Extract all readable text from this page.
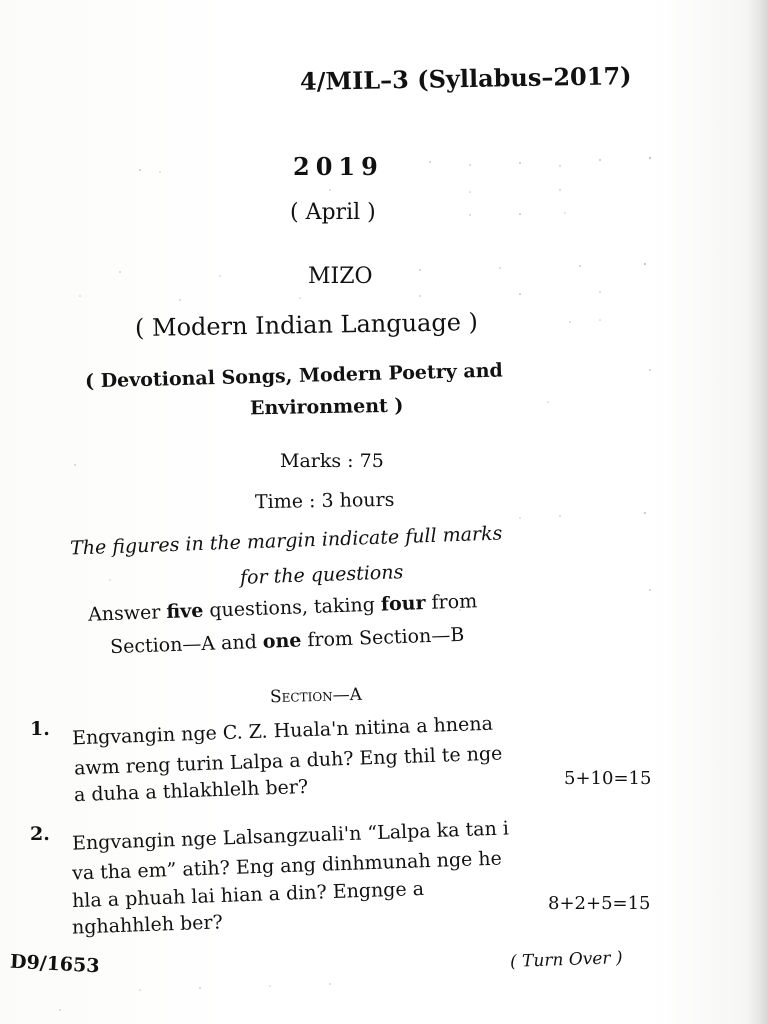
4/MIL–3 (Syllabus–2017)
2019
( April )
MIZO
( Modern Indian Language )
( Devotional Songs, Modern Poetry and
Environment )
Marks : 75
Time : 3 hours
The figures in the margin indicate full marks
for the questions
Answer five questions, taking four from
Section—A and one from Section—B
Section—A
1. Engvangin nge C. Z. Huala'n nitina a hnena
awm reng turin Lalpa a duh? Eng thil te nge
a duha a thlakhlelh ber?	5+10=15
2. Engvangin nge Lalsangzuali'n “Lalpa ka tan i
va tha em” atih? Eng ang dinhmunah nge he
hla a phuah lai hian a din? Engnge a
nghahhleh ber?
8+2+5=15
D9/1653	( Turn Over )
